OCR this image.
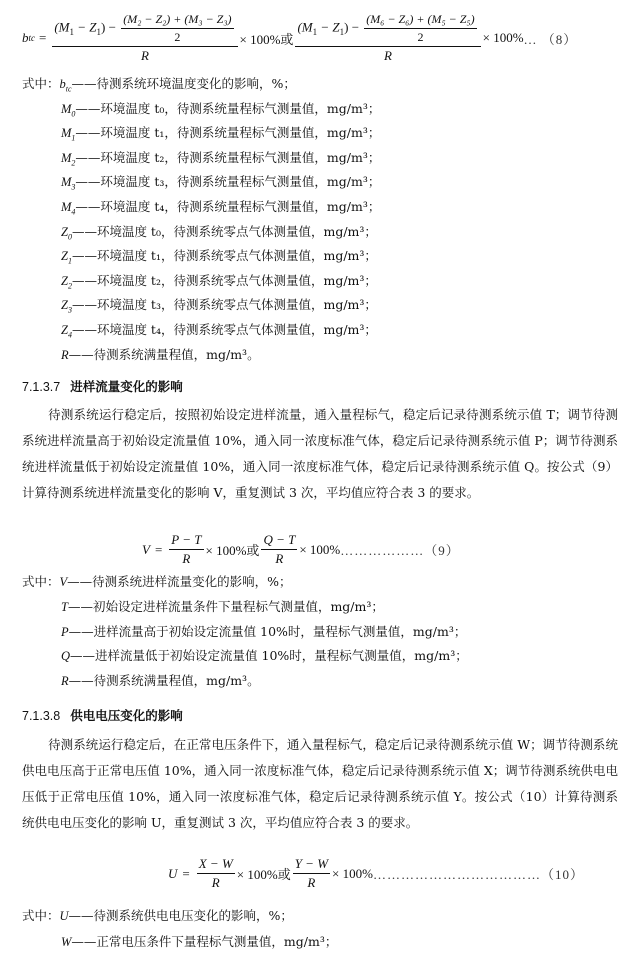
b tc =
$(M_1 - Z_1) - \frac{\text{(M₂ − Z₂) + (M₃ − Z₃)}}{2}$
R
× 100%或
$(M_1 - Z_1) - \frac{\text{(M₆ − Z₆) + (M₅ − Z₅)}}{2}$
R
× 100% … （8）
式中：$b_{tc}——$待测系统环境温度变化的影响，%；
$M_0——$环境温度 t₀，待测系统量程标气测量值，mg/m³；
$M_1——$环境温度 t₁，待测系统量程标气测量值，mg/m³；
$M_2——$环境温度 t₂，待测系统量程标气测量值，mg/m³；
$M_3——$环境温度 t₃，待测系统量程标气测量值，mg/m³；
$M_4——$环境温度 t₄，待测系统量程标气测量值，mg/m³；
$Z_0——$环境温度 t₀，待测系统零点气体测量值，mg/m³；
$Z_1——$环境温度 t₁，待测系统零点气体测量值，mg/m³；
$Z_2——$环境温度 t₂，待测系统零点气体测量值，mg/m³；
$Z_3——$环境温度 t₃，待测系统零点气体测量值，mg/m³；
$Z_4——$环境温度 t₄，待测系统零点气体测量值，mg/m³；
R——待测系统满量程值，mg/m³。
7.1.3.7 进样流量变化的影响
待测系统运行稳定后，按照初始设定进样流量，通入量程标气，稳定后记录待测系统示值 T；调节待测系统进样流量高于初始设定流量值 10%，通入同一浓度标准气体，稳定后记录待测系统示值 P；调节待测系统进样流量低于初始设定流量值 10%，通入同一浓度标准气体，稳定后记录待测系统示值 Q。按公式（9）计算待测系统进样流量变化的影响 V，重复测试 3 次，平均值应符合表 3 的要求。
$V = \frac{P - T}{R} \times 100\%$或 $\frac{Q - T}{R} \times 100\%$ ………………（9）
式中：V——待测系统进样流量变化的影响，%；
T——初始设定进样流量条件下量程标气测量值，mg/m³；
P——进样流量高于初始设定流量值 10%时，量程标气测量值，mg/m³；
Q——进样流量低于初始设定流量值 10%时，量程标气测量值，mg/m³；
R——待测系统满量程值，mg/m³。
7.1.3.8 供电电压变化的影响
待测系统运行稳定后，在正常电压条件下，通入量程标气，稳定后记录待测系统示值 W；调节待测系统供电电压高于正常电压值 10%，通入同一浓度标准气体，稳定后记录待测系统示值 X；调节待测系统供电电压低于正常电压值 10%，通入同一浓度标准气体，稳定后记录待测系统示值 Y。按公式（10）计算待测系统供电电压变化的影响 U，重复测试 3 次，平均值应符合表 3 的要求。
$U = \frac{X - W}{R} \times 100\%$或 $\frac{Y - W}{R} \times 100\%$ ………………………………（10）
式中：U——待测系统供电电压变化的影响，%；
W——正常电压条件下量程标气测量值，mg/m³；
